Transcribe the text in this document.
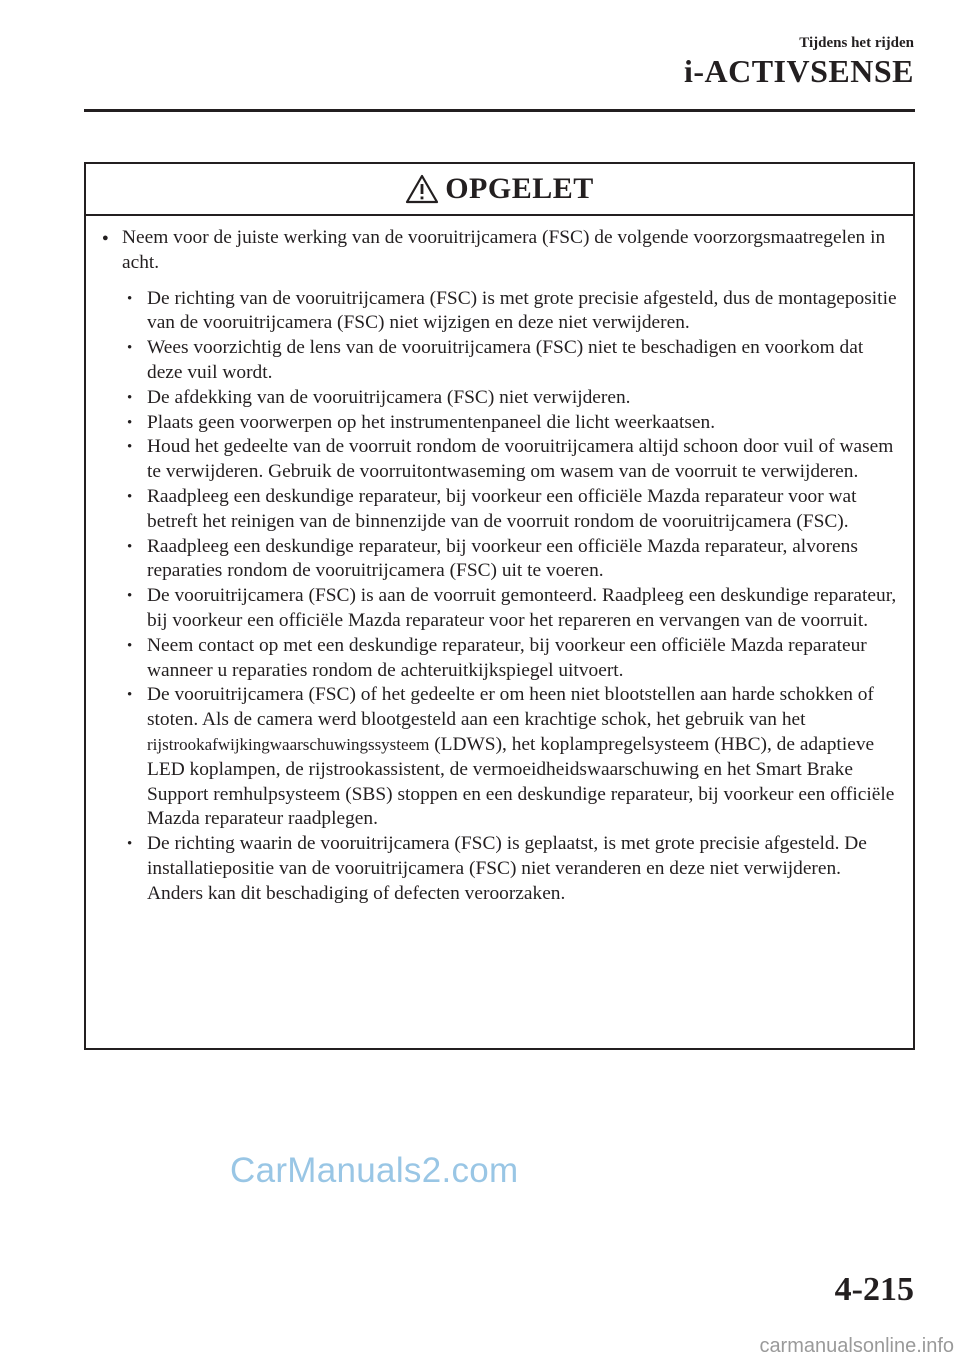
Tijdens het rijden
i-ACTIVSENSE
OPGELET
● Neem voor de juiste werking van de vooruitrijcamera (FSC) de volgende voorzorgsmaatregelen in acht.
• De richting van de vooruitrijcamera (FSC) is met grote precisie afgesteld, dus de montagepositie van de vooruitrijcamera (FSC) niet wijzigen en deze niet verwijderen.
• Wees voorzichtig de lens van de vooruitrijcamera (FSC) niet te beschadigen en voorkom dat deze vuil wordt.
• De afdekking van de vooruitrijcamera (FSC) niet verwijderen.
• Plaats geen voorwerpen op het instrumentenpaneel die licht weerkaatsen.
• Houd het gedeelte van de voorruit rondom de vooruitrijcamera altijd schoon door vuil of wasem te verwijderen. Gebruik de voorruitontwaseming om wasem van de voorruit te verwijderen.
• Raadpleeg een deskundige reparateur, bij voorkeur een officiële Mazda reparateur voor wat betreft het reinigen van de binnenzijde van de voorruit rondom de vooruitrijcamera (FSC).
• Raadpleeg een deskundige reparateur, bij voorkeur een officiële Mazda reparateur, alvorens reparaties rondom de vooruitrijcamera (FSC) uit te voeren.
• De vooruitrijcamera (FSC) is aan de voorruit gemonteerd. Raadpleeg een deskundige reparateur, bij voorkeur een officiële Mazda reparateur voor het repareren en vervangen van de voorruit.
• Neem contact op met een deskundige reparateur, bij voorkeur een officiële Mazda reparateur wanneer u reparaties rondom de achteruitkijkspiegel uitvoert.
• De vooruitrijcamera (FSC) of het gedeelte er om heen niet blootstellen aan harde schokken of stoten. Als de camera werd blootgesteld aan een krachtige schok, het gebruik van het rijstrookafwijkingwaarschuwingssysteem (LDWS), het koplampregelsysteem (HBC), de adaptieve LED koplampen, de rijstrookassistent, de vermoeidheidswaarschuwing en het Smart Brake Support remhulpsysteem (SBS) stoppen en een deskundige reparateur, bij voorkeur een officiële Mazda reparateur raadplegen.
• De richting waarin de vooruitrijcamera (FSC) is geplaatst, is met grote precisie afgesteld. De installatiepositie van de vooruitrijcamera (FSC) niet veranderen en deze niet verwijderen. Anders kan dit beschadiging of defecten veroorzaken.
CarManuals2.com
4-215
carmanualsonline.info
